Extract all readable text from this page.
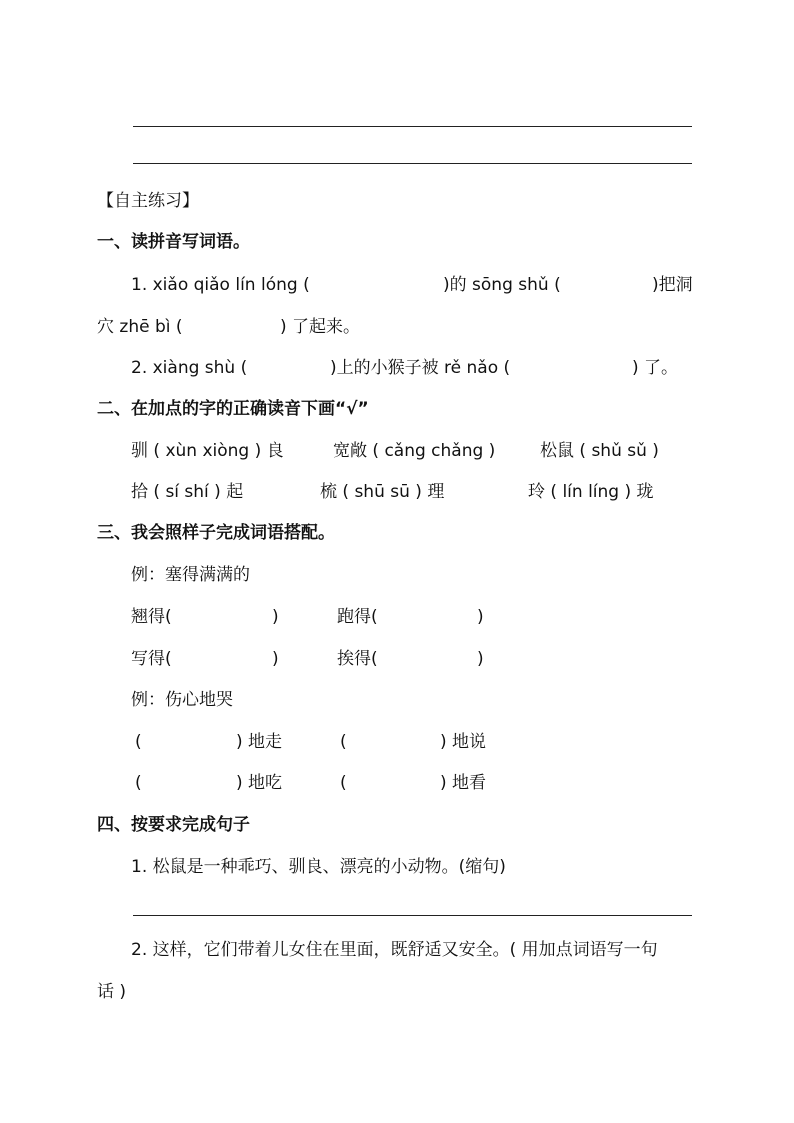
【自主练习】
一、读拼音写词语。
1. xiǎo qiǎo lín lóng (	)的 sōng shǔ (	)把洞
穴 zhē bì (	) 了起来。
2. xiàng shù (	)上的小猴子被 rě nǎo (	) 了。
二、在加点的字的正确读音下画“√”
驯 ( xùn xiòng ) 良	宽敞 ( cǎng chǎng )	松鼠 ( shǔ sǔ )
拾 ( sí shí ) 起	梳 ( shū sū ) 理	玲 ( lín líng ) 珑
三、我会照样子完成词语搭配。
例：塞得满满的
翘得(	)	跑得(	)
写得(	)	挨得(	)
例：伤心地哭
(	) 地走	(	) 地说
(	) 地吃	(	) 地看
四、按要求完成句子
1. 松鼠是一种乖巧、驯良、漂亮的小动物。(缩句)
2. 这样，它们带着儿女住在里面，既舒适又安全。( 用加点词语写一句
话 )
